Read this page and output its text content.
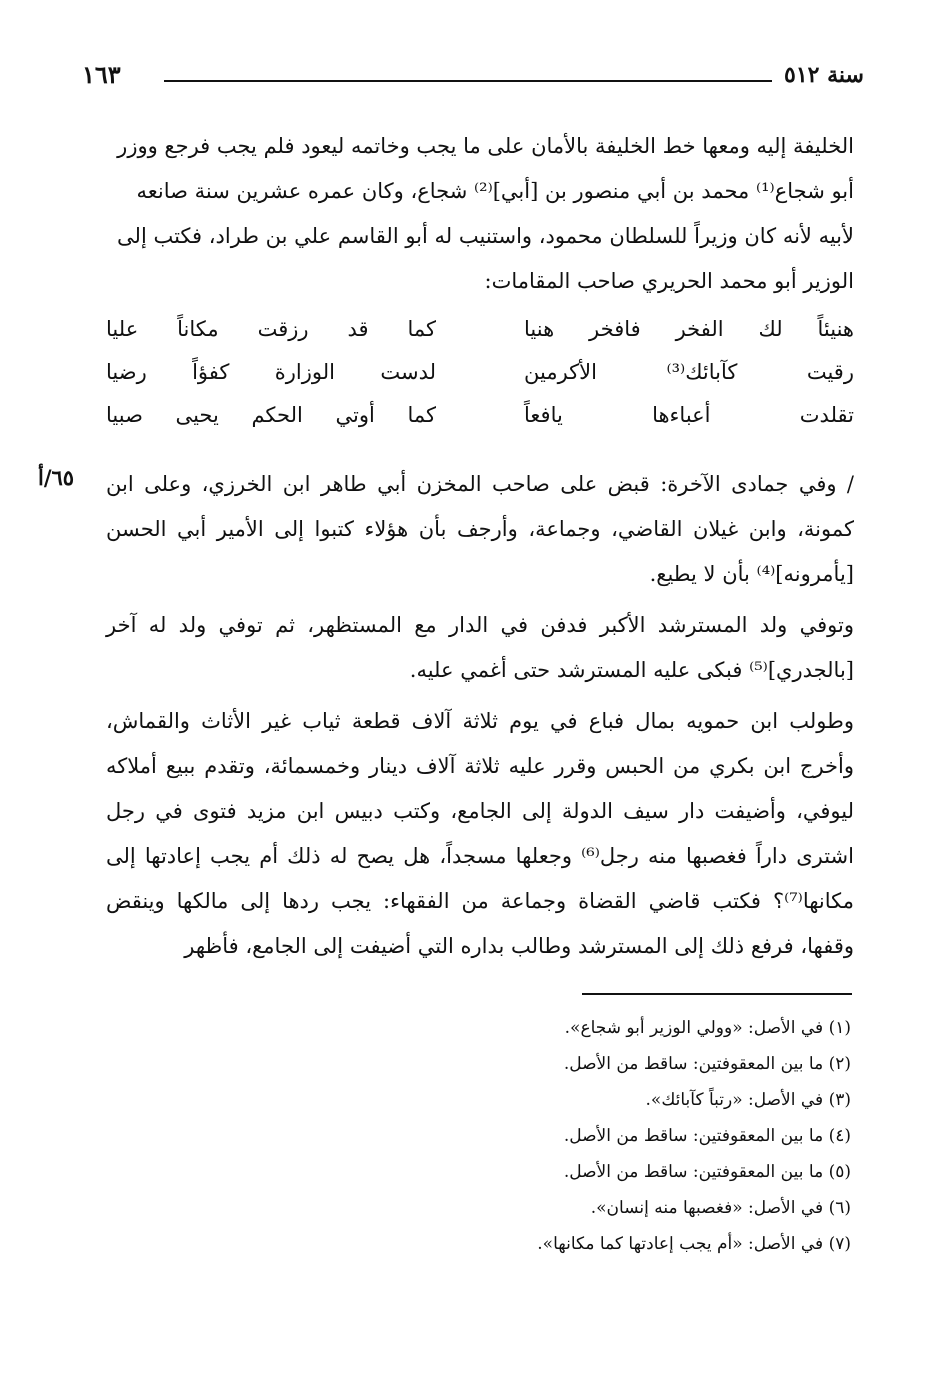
سنة ٥١٢
١٦٣

الخليفة إليه ومعها خط الخليفة بالأمان على ما يجب وخاتمه ليعود فلم يجب فرجع ووزر

أبو شجاع⁽¹⁾ محمد بن أبي منصور بن [أبي]⁽²⁾ شجاع، وكان عمره عشرين سنة صانعه

لأبيه لأنه كان وزيراً للسلطان محمود، واستنيب له أبو القاسم علي بن طراد، فكتب إلى

الوزير أبو محمد الحريري صاحب المقامات:

هنيئاً لك الفخر فافخر هنيا
كما قد رزقت مكاناً عليا
رقيت كآبائك⁽³⁾ الأكرمين
لدست الوزارة كفؤاً رضيا
تقلدت أعباءها يافعاً
كما أوتي الحكم يحيى صبيا
٦٥/أ / وفي جمادى الآخرة: قبض على صاحب المخزن أبي طاهر ابن الخرزي، وعلى ابن كمونة، وابن غيلان القاضي، وجماعة، وأرجف بأن هؤلاء كتبوا إلى الأمير أبي الحسن [يأمرونه]⁽⁴⁾ بأن لا يطيع.

وتوفي ولد المسترشد الأكبر فدفن في الدار مع المستظهر، ثم توفي ولد له آخر [بالجدري]⁽⁵⁾ فبكى عليه المسترشد حتى أغمي عليه.

وطولب ابن حمويه بمال فباع في يوم ثلاثة آلاف قطعة ثياب غير الأثاث والقماش، وأخرج ابن بكري من الحبس وقرر عليه ثلاثة آلاف دينار وخمسمائة، وتقدم ببيع أملاكه ليوفي، وأضيفت دار سيف الدولة إلى الجامع، وكتب دبيس ابن مزيد فتوى في رجل اشترى داراً فغصبها منه رجل⁽⁶⁾ وجعلها مسجداً، هل يصح له ذلك أم يجب إعادتها إلى مكانها⁽⁷⁾؟ فكتب قاضي القضاة وجماعة من الفقهاء: يجب ردها إلى مالكها وينقض وقفها، فرفع ذلك إلى المسترشد وطالب بداره التي أضيفت إلى الجامع، فأظهر

(١) في الأصل: «وولي الوزير أبو شجاع».

(٢) ما بين المعقوفتين: ساقط من الأصل.

(٣) في الأصل: «رتباً كآبائك».

(٤) ما بين المعقوفتين: ساقط من الأصل.

(٥) ما بين المعقوفتين: ساقط من الأصل.

(٦) في الأصل: «فغصبها منه إنسان».

(٧) في الأصل: «أم يجب إعادتها كما مكانها».
